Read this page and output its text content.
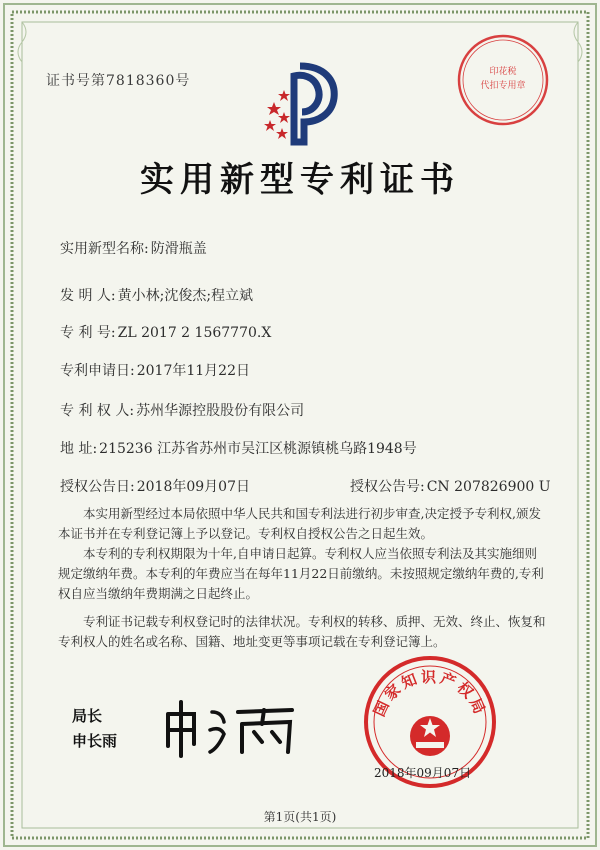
证书号第7818360号
印花税
代扣专用章
实用新型专利证书
实用新型名称: 防滑瓶盖
发 明 人: 黄小林;沈俊杰;程立斌
专 利 号: ZL 2017 2 1567770.X
专利申请日: 2017年11月22日
专 利 权 人: 苏州华源控股股份有限公司
地 址: 215236 江苏省苏州市吴江区桃源镇桃乌路1948号
授权公告日: 2018年09月07日	授权公告号: CN 207826900 U

本实用新型经过本局依照中华人民共和国专利法进行初步审查,决定授予专利权,颁发本证书并在专利登记簿上予以登记。专利权自授权公告之日起生效。

本专利的专利权期限为十年,自申请日起算。专利权人应当依照专利法及其实施细则规定缴纳年费。本专利的年费应当在每年11月22日前缴纳。未按照规定缴纳年费的,专利权自应当缴纳年费期满之日起终止。

专利证书记载专利权登记时的法律状况。专利权的转移、质押、无效、终止、恢复和专利权人的姓名或名称、国籍、地址变更等事项记载在专利登记簿上。

局长
申长雨
国家知识产权局
2018年09月07日
第1页(共1页)
